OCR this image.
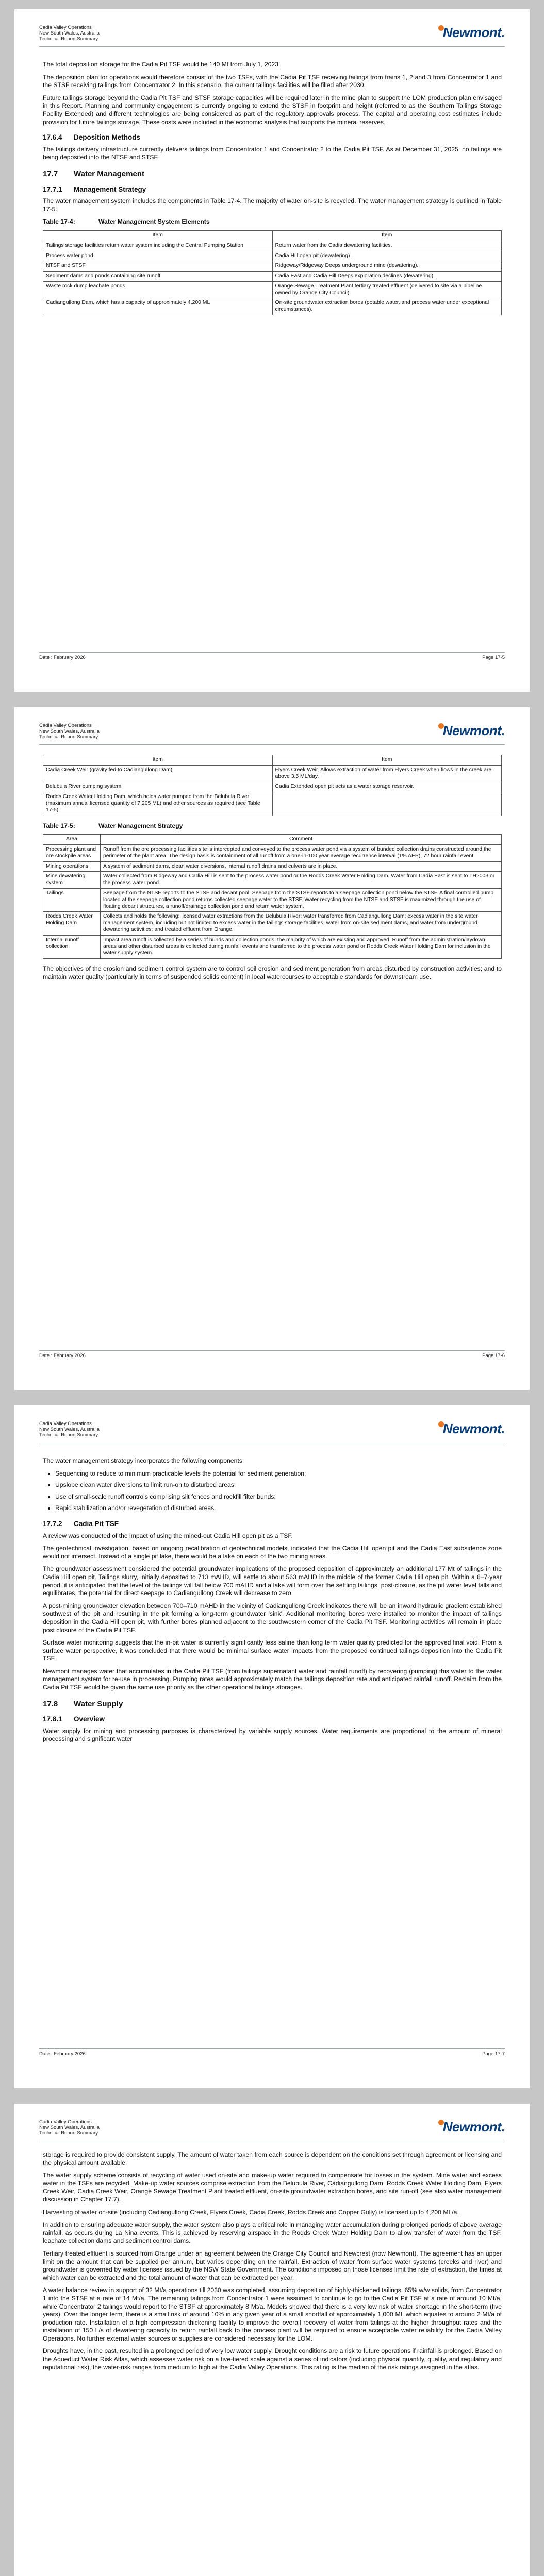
Cadia Valley Operations
New South Wales, Australia
Technical Report Summary	Newmont.

The total deposition storage for the Cadia Pit TSF would be 140 Mt from July 1, 2023.

The deposition plan for operations would therefore consist of the two TSFs, with the Cadia Pit TSF receiving tailings from trains 1, 2 and 3 from Concentrator 1 and the STSF receiving tailings from Concentrator 2. In this scenario, the current tailings facilities will be filled after 2030.

Future tailings storage beyond the Cadia Pit TSF and STSF storage capacities will be required later in the mine plan to support the LOM production plan envisaged in this Report. Planning and community engagement is currently ongoing to extend the STSF in footprint and height (referred to as the Southern Tailings Storage Facility Extended) and different technologies are being considered as part of the regulatory approvals process. The capital and operating cost estimates include provision for future tailings storage. These costs were included in the economic analysis that supports the mineral reserves.

17.6.4 Deposition Methods

The tailings delivery infrastructure currently delivers tailings from Concentrator 1 and Concentrator 2 to the Cadia Pit TSF. As at December 31, 2025, no tailings are being deposited into the NTSF and STSF.

17.7 Water Management
17.7.1 Management Strategy

The water management system includes the components in Table 17-4. The majority of water on-site is recycled. The water management strategy is outlined in Table 17-5.

Table 17-4:	Water Management System Elements
Item	Item
Tailings storage facilities return water system including the Central Pumping Station	Return water from the Cadia dewatering facilities.
Process water pond	Cadia Hill open pit (dewatering).
NTSF and STSF	Ridgeway/Ridgeway Deeps underground mine (dewatering).
Sediment dams and ponds containing site runoff	Cadia East and Cadia Hill Deeps exploration declines (dewatering).
Waste rock dump leachate ponds	Orange Sewage Treatment Plant tertiary treated effluent (delivered to site via a pipeline owned by Orange City Council).
Cadiangullong Dam, which has a capacity of approximately 4,200 ML	On-site groundwater extraction bores (potable water, and process water under exceptional circumstances).
Date : February 2026	Page 17-5
Cadia Valley Operations
New South Wales, Australia
Technical Report Summary	Newmont.
Item	Item
Cadia Creek Weir (gravity fed to Cadiangullong Dam)	Flyers Creek Weir. Allows extraction of water from Flyers Creek when flows in the creek are above 3.5 ML/day.
Belubula River pumping system	Cadia Extended open pit acts as a water storage reservoir.
Rodds Creek Water Holding Dam, which holds water pumped from the Belubula River (maximum annual licensed quantity of 7,205 ML) and other sources as required (see Table 17-5).	
Table 17-5:	Water Management Strategy
Area	Comment
Processing plant and ore stockpile areas	Runoff from the ore processing facilities site is intercepted and conveyed to the process water pond via a system of bunded collection drains constructed around the perimeter of the plant area. The design basis is containment of all runoff from a one-in-100 year average recurrence interval (1% AEP), 72 hour rainfall event.
Mining operations	A system of sediment dams, clean water diversions, internal runoff drains and culverts are in place.
Mine dewatering system	Water collected from Ridgeway and Cadia Hill is sent to the process water pond or the Rodds Creek Water Holding Dam. Water from Cadia East is sent to TH2003 or the process water pond.
Tailings	Seepage from the NTSF reports to the STSF and decant pool. Seepage from the STSF reports to a seepage collection pond below the STSF. A final controlled pump located at the seepage collection pond returns collected seepage water to the STSF. Water recycling from the NTSF and STSF is maximized through the use of floating decant structures, a runoff/drainage collection pond and return water system.
Rodds Creek Water Holding Dam	Collects and holds the following: licensed water extractions from the Belubula River; water transferred from Cadiangullong Dam; excess water in the site water management system, including but not limited to excess water in the tailings storage facilities, water from on-site sediment dams, and water from underground dewatering activities; and treated effluent from Orange.
Internal runoff collection	Impact area runoff is collected by a series of bunds and collection ponds, the majority of which are existing and approved. Runoff from the administration/laydown areas and other disturbed areas is collected during rainfall events and transferred to the process water pond or Rodds Creek Water Holding Dam for inclusion in the water supply system.

The objectives of the erosion and sediment control system are to control soil erosion and sediment generation from areas disturbed by construction activities; and to maintain water quality (particularly in terms of suspended solids content) in local watercourses to acceptable standards for downstream use.

Date : February 2026	Page 17-6
Cadia Valley Operations
New South Wales, Australia
Technical Report Summary	Newmont.

The water management strategy incorporates the following components:

• Sequencing to reduce to minimum practicable levels the potential for sediment generation;
• Upslope clean water diversions to limit run-on to disturbed areas;
• Use of small-scale runoff controls comprising silt fences and rockfill filter bunds;
• Rapid stabilization and/or revegetation of disturbed areas.
17.7.2 Cadia Pit TSF

A review was conducted of the impact of using the mined-out Cadia Hill open pit as a TSF.

The geotechnical investigation, based on ongoing recalibration of geotechnical models, indicated that the Cadia Hill open pit and the Cadia East subsidence zone would not intersect. Instead of a single pit lake, there would be a lake on each of the two mining areas.

The groundwater assessment considered the potential groundwater implications of the proposed deposition of approximately an additional 177 Mt of tailings in the Cadia Hill open pit. Tailings slurry, initially deposited to 713 mAHD, will settle to about 563 mAHD in the middle of the former Cadia Hill open pit. Within a 6–7-year period, it is anticipated that the level of the tailings will fall below 700 mAHD and a lake will form over the settling tailings. post-closure, as the pit water level falls and equilibrates, the potential for direct seepage to Cadiangullong Creek will decrease to zero.

A post-mining groundwater elevation between 700–710 mAHD in the vicinity of Cadiangullong Creek indicates there will be an inward hydraulic gradient established southwest of the pit and resulting in the pit forming a long-term groundwater 'sink'. Additional monitoring bores were installed to monitor the impact of tailings deposition in the Cadia Hill open pit, with further bores planned adjacent to the southwestern corner of the Cadia Pit TSF. Monitoring activities will remain in place post closure of the Cadia Pit TSF.

Surface water monitoring suggests that the in-pit water is currently significantly less saline than long term water quality predicted for the approved final void. From a surface water perspective, it was concluded that there would be minimal surface water impacts from the proposed continued tailings deposition into the Cadia Pit TSF.

Newmont manages water that accumulates in the Cadia Pit TSF (from tailings supernatant water and rainfall runoff) by recovering (pumping) this water to the water management system for re-use in processing. Pumping rates would approximately match the tailings deposition rate and anticipated rainfall runoff. Reclaim from the Cadia Pit TSF would be given the same use priority as the other operational tailings storages.

17.8 Water Supply
17.8.1 Overview

Water supply for mining and processing purposes is characterized by variable supply sources. Water requirements are proportional to the amount of mineral processing and significant water

Date : February 2026	Page 17-7
Cadia Valley Operations
New South Wales, Australia
Technical Report Summary	Newmont.

storage is required to provide consistent supply. The amount of water taken from each source is dependent on the conditions set through agreement or licensing and the physical amount available.

The water supply scheme consists of recycling of water used on-site and make-up water required to compensate for losses in the system. Mine water and excess water in the TSFs are recycled. Make-up water sources comprise extraction from the Belubula River, Cadiangullong Dam, Rodds Creek Water Holding Dam, Flyers Creek Weir, Cadia Creek Weir, Orange Sewage Treatment Plant treated effluent, on-site groundwater extraction bores, and site run-off (see also water management discussion in Chapter 17.7).

Harvesting of water on-site (including Cadiangullong Creek, Flyers Creek, Cadia Creek, Rodds Creek and Copper Gully) is licensed up to 4,200 ML/a.

In addition to ensuring adequate water supply, the water system also plays a critical role in managing water accumulation during prolonged periods of above average rainfall, as occurs during La Nina events. This is achieved by reserving airspace in the Rodds Creek Water Holding Dam to allow transfer of water from the TSF, leachate collection dams and sediment control dams.

Tertiary treated effluent is sourced from Orange under an agreement between the Orange City Council and Newcrest (now Newmont). The agreement has an upper limit on the amount that can be supplied per annum, but varies depending on the rainfall. Extraction of water from surface water systems (creeks and river) and groundwater is governed by water licenses issued by the NSW State Government. The conditions imposed on those licenses limit the rate of extraction, the times at which water can be extracted and the total amount of water that can be extracted per year.

A water balance review in support of 32 Mt/a operations till 2030 was completed, assuming deposition of highly-thickened tailings, 65% w/w solids, from Concentrator 1 into the STSF at a rate of 14 Mt/a. The remaining tailings from Concentrator 1 were assumed to continue to go to the Cadia Pit TSF at a rate of around 10 Mt/a, while Concentrator 2 tailings would report to the STSF at approximately 8 Mt/a. Models showed that there is a very low risk of water shortage in the short-term (five years). Over the longer term, there is a small risk of around 10% in any given year of a small shortfall of approximately 1,000 ML which equates to around 2 Mt/a of production rate. Installation of a high compression thickening facility to improve the overall recovery of water from tailings at the higher throughput rates and the installation of 150 L/s of dewatering capacity to return rainfall back to the process plant will be required to ensure acceptable water reliability for the Cadia Valley Operations. No further external water sources or supplies are considered necessary for the LOM.

Droughts have, in the past, resulted in a prolonged period of very low water supply. Drought conditions are a risk to future operations if rainfall is prolonged. Based on the Aqueduct Water Risk Atlas, which assesses water risk on a five-tiered scale against a series of indicators (including physical quantity, quality, and regulatory and reputational risk), the water-risk ranges from medium to high at the Cadia Valley Operations. This rating is the median of the risk ratings assigned in the atlas.
